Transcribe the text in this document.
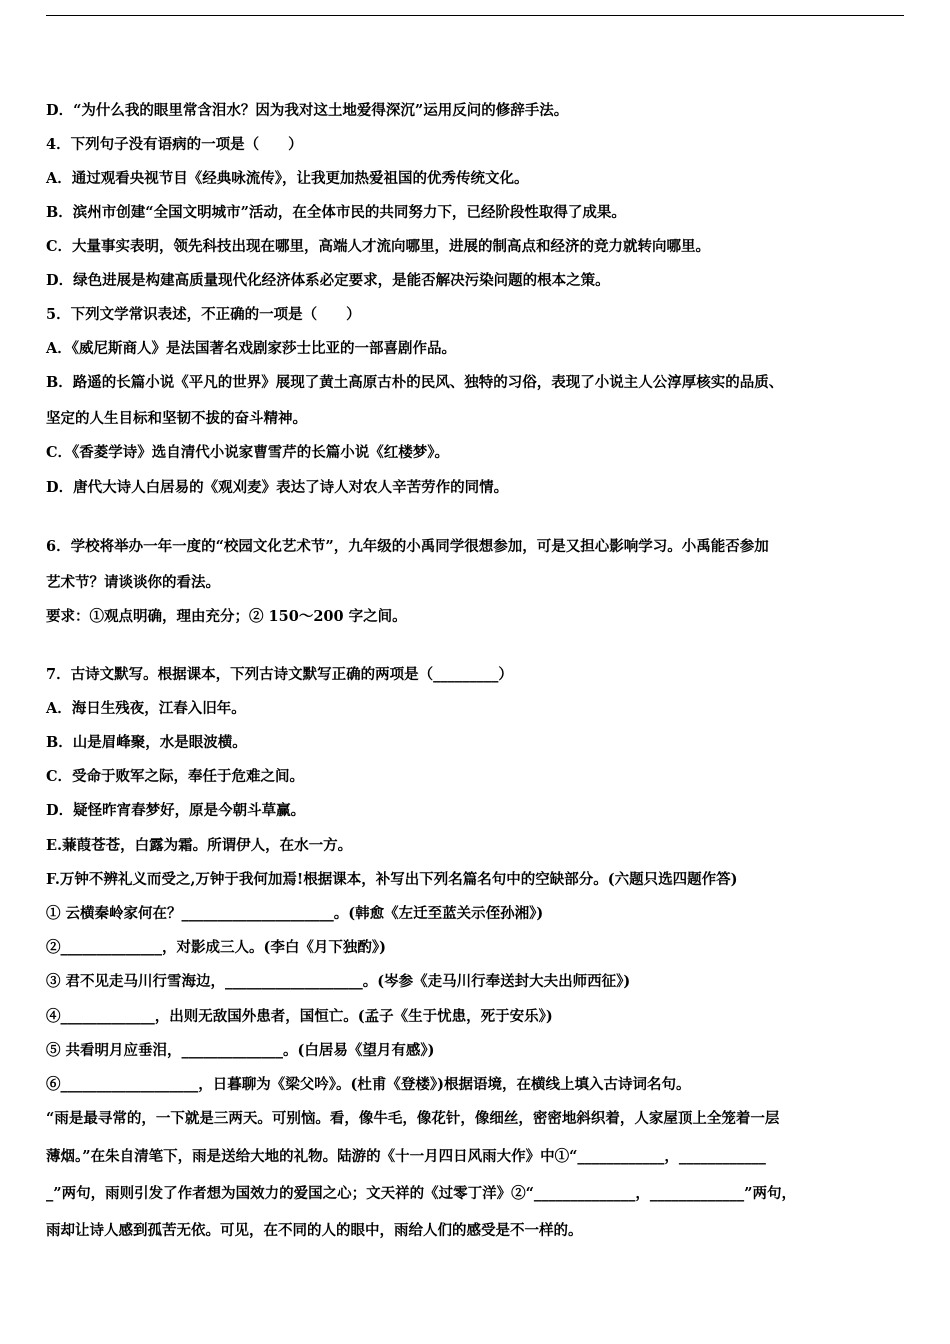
D．“为什么我的眼里常含泪水？因为我对这土地爱得深沉”运用反问的修辞手法。
4．下列句子没有语病的一项是（　　）
A．通过观看央视节目《经典咏流传》，让我更加热爱祖国的优秀传统文化。
B．滨州市创建“全国文明城市”活动，在全体市民的共同努力下，已经阶段性取得了成果。
C．大量事实表明，领先科技出现在哪里，高端人才流向哪里，进展的制高点和经济的竞力就转向哪里。
D．绿色进展是构建高质量现代化经济体系必定要求，是能否解决污染问题的根本之策。
5．下列文学常识表述，不正确的一项是（　　）
A．《威尼斯商人》是法国著名戏剧家莎士比亚的一部喜剧作品。
B．路遥的长篇小说《平凡的世界》展现了黄土高原古朴的民风、独特的习俗，表现了小说主人公淳厚核实的品质、
坚定的人生目标和坚韧不拔的奋斗精神。
C．《香菱学诗》选自清代小说家曹雪芹的长篇小说《红楼梦》。
D．唐代大诗人白居易的《观刈麦》表达了诗人对农人辛苦劳作的同情。
6．学校将举办一年一度的“校园文化艺术节”，九年级的小禹同学很想参加，可是又担心影响学习。小禹能否参加
艺术节？请谈谈你的看法。
要求：①观点明确，理由充分；② 150～200 字之间。
7．古诗文默写。根据课本，下列古诗文默写正确的两项是（_________）
A．海日生残夜，江春入旧年。
B．山是眉峰聚，水是眼波横。
C．受命于败军之际，奉任于危难之间。
D．疑怪昨宵春梦好，原是今朝斗草赢。
E.蒹葭苍苍，白露为霜。所谓伊人，在水一方。
F.万钟不辨礼义而受之,万钟于我何加焉!根据课本，补写出下列名篇名句中的空缺部分。(六题只选四题作答)
① 云横秦岭家何在？_____________________。(韩愈《左迁至蓝关示侄孙湘》)
②______________，对影成三人。(李白《月下独酌》)
③ 君不见走马川行雪海边，___________________。(岑参《走马川行奉送封大夫出师西征》)
④_____________，出则无敌国外患者，国恒亡。(孟子《生于忧患，死于安乐》)
⑤ 共看明月应垂泪，______________。(白居易《望月有感》)
⑥___________________，日暮聊为《梁父吟》。(杜甫《登楼》)根据语境，在横线上填入古诗词名句。
“雨是最寻常的，一下就是三两天。可别恼。看，像牛毛，像花针，像细丝，密密地斜织着，人家屋顶上全笼着一层
薄烟。”在朱自清笔下，雨是送给大地的礼物。陆游的《十一月四日风雨大作》中①“____________，____________
_”两句，雨则引发了作者想为国效力的爱国之心；文天祥的《过零丁洋》②“______________，_____________”两句，
雨却让诗人感到孤苦无依。可见，在不同的人的眼中，雨给人们的感受是不一样的。
